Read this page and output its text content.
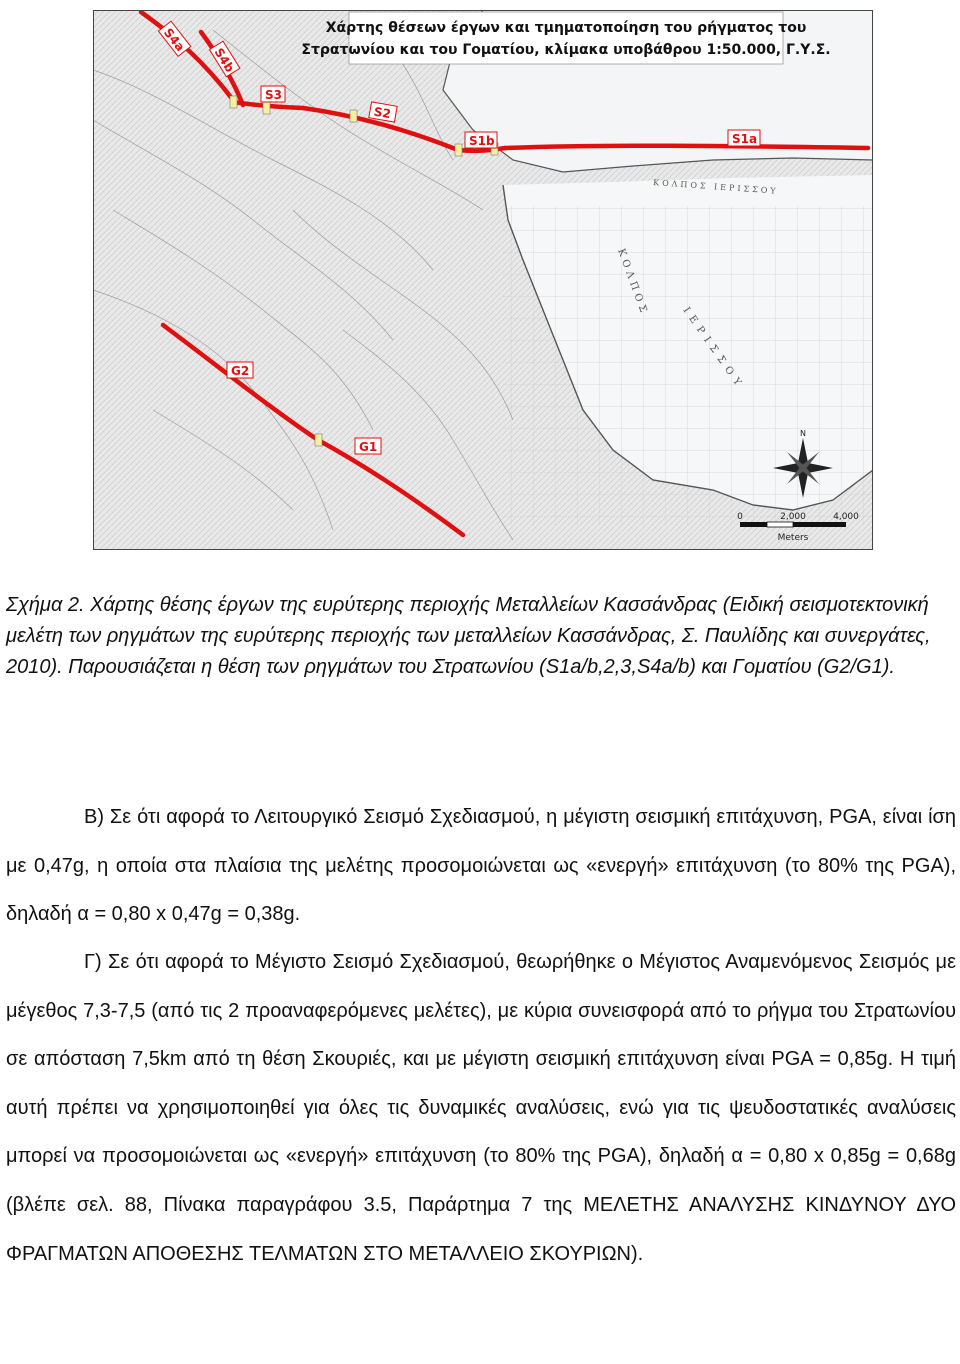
ΚΟΛΠΟΣ ΙΕΡΙΣΣΟΥ
ΚΟΛΠΟΣ
ΙΕΡΙΣΣΟΥ
S4a
S4b
S3
S2
S1b	S1a
G2
G1
Χάρτης θέσεων έργων και τμηματοποίηση του ρήγματος του
Στρατωνίου και του Γοματίου, κλίμακα υποβάθρου 1:50.000, Γ.Υ.Σ.
N
0	2,000	4,000
Meters

Σχήμα 2. Χάρτης θέσης έργων της ευρύτερης περιοχής Μεταλλείων Κασσάνδρας (Ειδική σεισμοτεκτονική μελέτη των ρηγμάτων της ευρύτερης περιοχής των μεταλλείων Κασσάνδρας, Σ. Παυλίδης και συνεργάτες, 2010). Παρουσιάζεται η θέση των ρηγμάτων του Στρατωνίου (S1a/b,2,3,S4a/b) και Γοματίου (G2/G1).

Β) Σε ότι αφορά το Λειτουργικό Σεισμό Σχεδιασμού, η μέγιστη σεισμική επιτάχυνση, PGA, είναι ίση με 0,47g, η οποία στα πλαίσια της μελέτης προσομοιώνεται ως «ενεργή» επιτάχυνση (το 80% της PGA), δηλαδή α = 0,80 x 0,47g = 0,38g.

Γ) Σε ότι αφορά το Μέγιστο Σεισμό Σχεδιασμού, θεωρήθηκε ο Μέγιστος Αναμενόμενος Σεισμός με μέγεθος 7,3-7,5 (από τις 2 προαναφερόμενες μελέτες), με κύρια συνεισφορά από το ρήγμα του Στρατωνίου σε απόσταση 7,5km από τη θέση Σκουριές, και με μέγιστη σεισμική επιτάχυνση είναι PGA = 0,85g. Η τιμή αυτή πρέπει να χρησιμοποιηθεί για όλες τις δυναμικές αναλύσεις, ενώ για τις ψευδοστατικές αναλύσεις μπορεί να προσομοιώνεται ως «ενεργή» επιτάχυνση (το 80% της PGA), δηλαδή α = 0,80 x 0,85g = 0,68g (βλέπε σελ. 88, Πίνακα παραγράφου 3.5, Παράρτημα 7 της ΜΕΛΕΤΗΣ ΑΝΑΛΥΣΗΣ ΚΙΝΔΥΝΟΥ ΔΥΟ ΦΡΑΓΜΑΤΩΝ ΑΠΟΘΕΣΗΣ ΤΕΛΜΑΤΩΝ ΣΤΟ ΜΕΤΑΛΛΕΙΟ ΣΚΟΥΡΙΩΝ).
